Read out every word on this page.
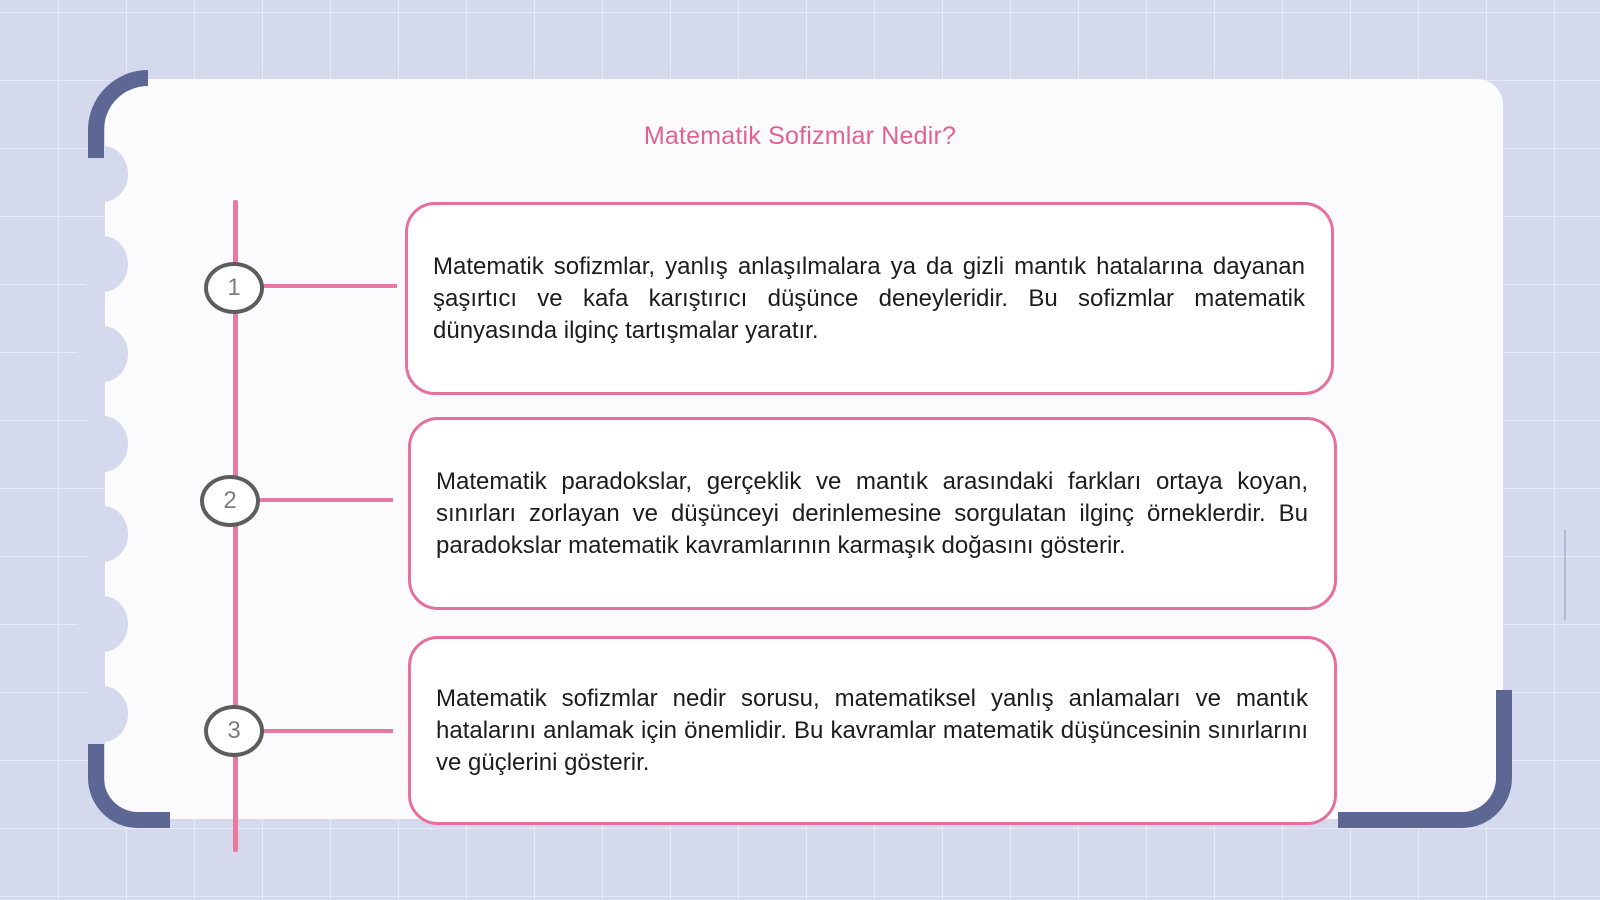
Matematik Sofizmlar Nedir?
1
2
3

Matematik sofizmlar, yanlış anlaşılmalara ya da gizli mantık hatalarına dayanan şaşırtıcı ve kafa karıştırıcı düşünce deneyleridir. Bu sofizmlar matematik dünyasında ilginç tartışmalar yaratır.

Matematik paradokslar, gerçeklik ve mantık arasındaki farkları ortaya koyan, sınırları zorlayan ve düşünceyi derinlemesine sorgulatan ilginç örneklerdir. Bu paradokslar matematik kavramlarının karmaşık doğasını gösterir.

Matematik sofizmlar nedir sorusu, matematiksel yanlış anlamaları ve mantık hatalarını anlamak için önemlidir. Bu kavramlar matematik düşüncesinin sınırlarını ve güçlerini gösterir.
